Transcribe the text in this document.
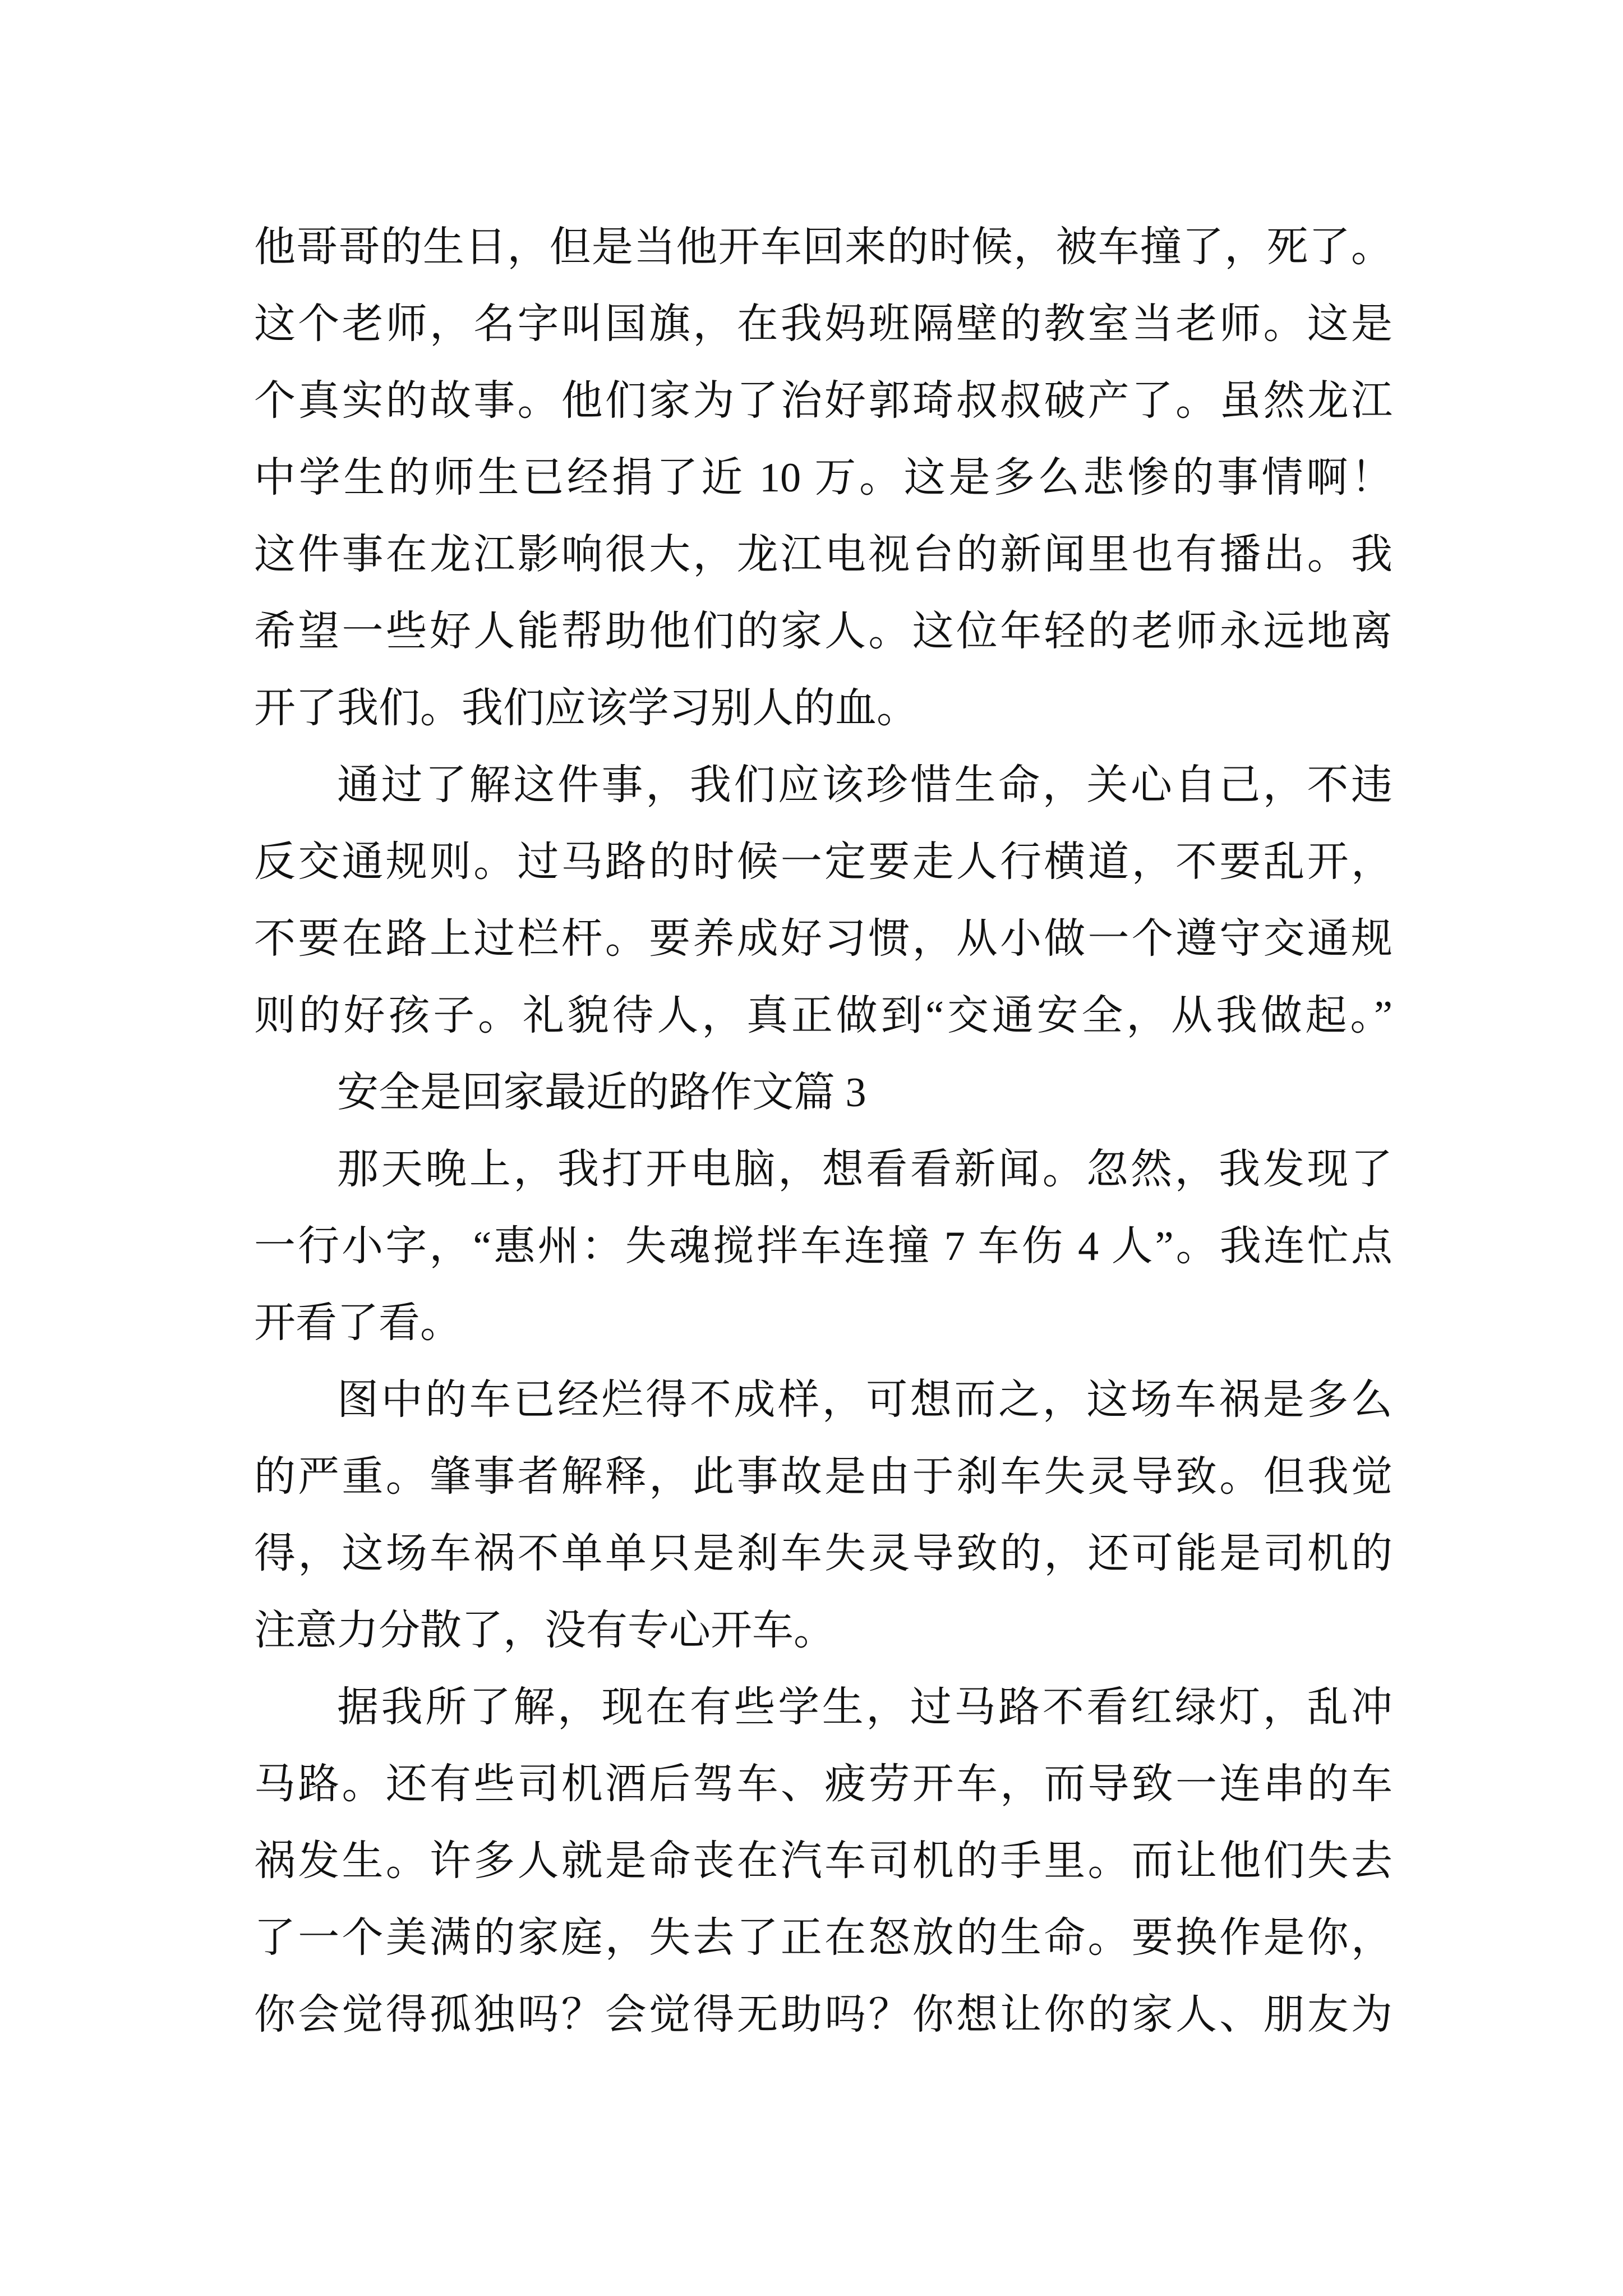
他哥哥的生日，但是当他开车回来的时候，被车撞了，死了。
这个老师，名字叫国旗，在我妈班隔壁的教室当老师。这是
个真实的故事。他们家为了治好郭琦叔叔破产了。虽然龙江
中学生的师生已经捐了近 10 万。这是多么悲惨的事情啊！
这件事在龙江影响很大，龙江电视台的新闻里也有播出。我
希望一些好人能帮助他们的家人。这位年轻的老师永远地离
开了我们。我们应该学习别人的血。
通过了解这件事，我们应该珍惜生命，关心自己，不违
反交通规则。过马路的时候一定要走人行横道，不要乱开，
不要在路上过栏杆。要养成好习惯，从小做一个遵守交通规
则的好孩子。礼貌待人，真正做到“交通安全，从我做起。”
安全是回家最近的路作文篇 3
那天晚上，我打开电脑，想看看新闻。忽然，我发现了
一行小字，“惠州：失魂搅拌车连撞 7 车伤 4 人”。我连忙点
开看了看。
图中的车已经烂得不成样，可想而之，这场车祸是多么
的严重。肇事者解释，此事故是由于刹车失灵导致。但我觉
得，这场车祸不单单只是刹车失灵导致的，还可能是司机的
注意力分散了，没有专心开车。
据我所了解，现在有些学生，过马路不看红绿灯，乱冲
马路。还有些司机酒后驾车、疲劳开车，而导致一连串的车
祸发生。许多人就是命丧在汽车司机的手里。而让他们失去
了一个美满的家庭，失去了正在怒放的生命。要换作是你，
你会觉得孤独吗？会觉得无助吗？你想让你的家人、朋友为
